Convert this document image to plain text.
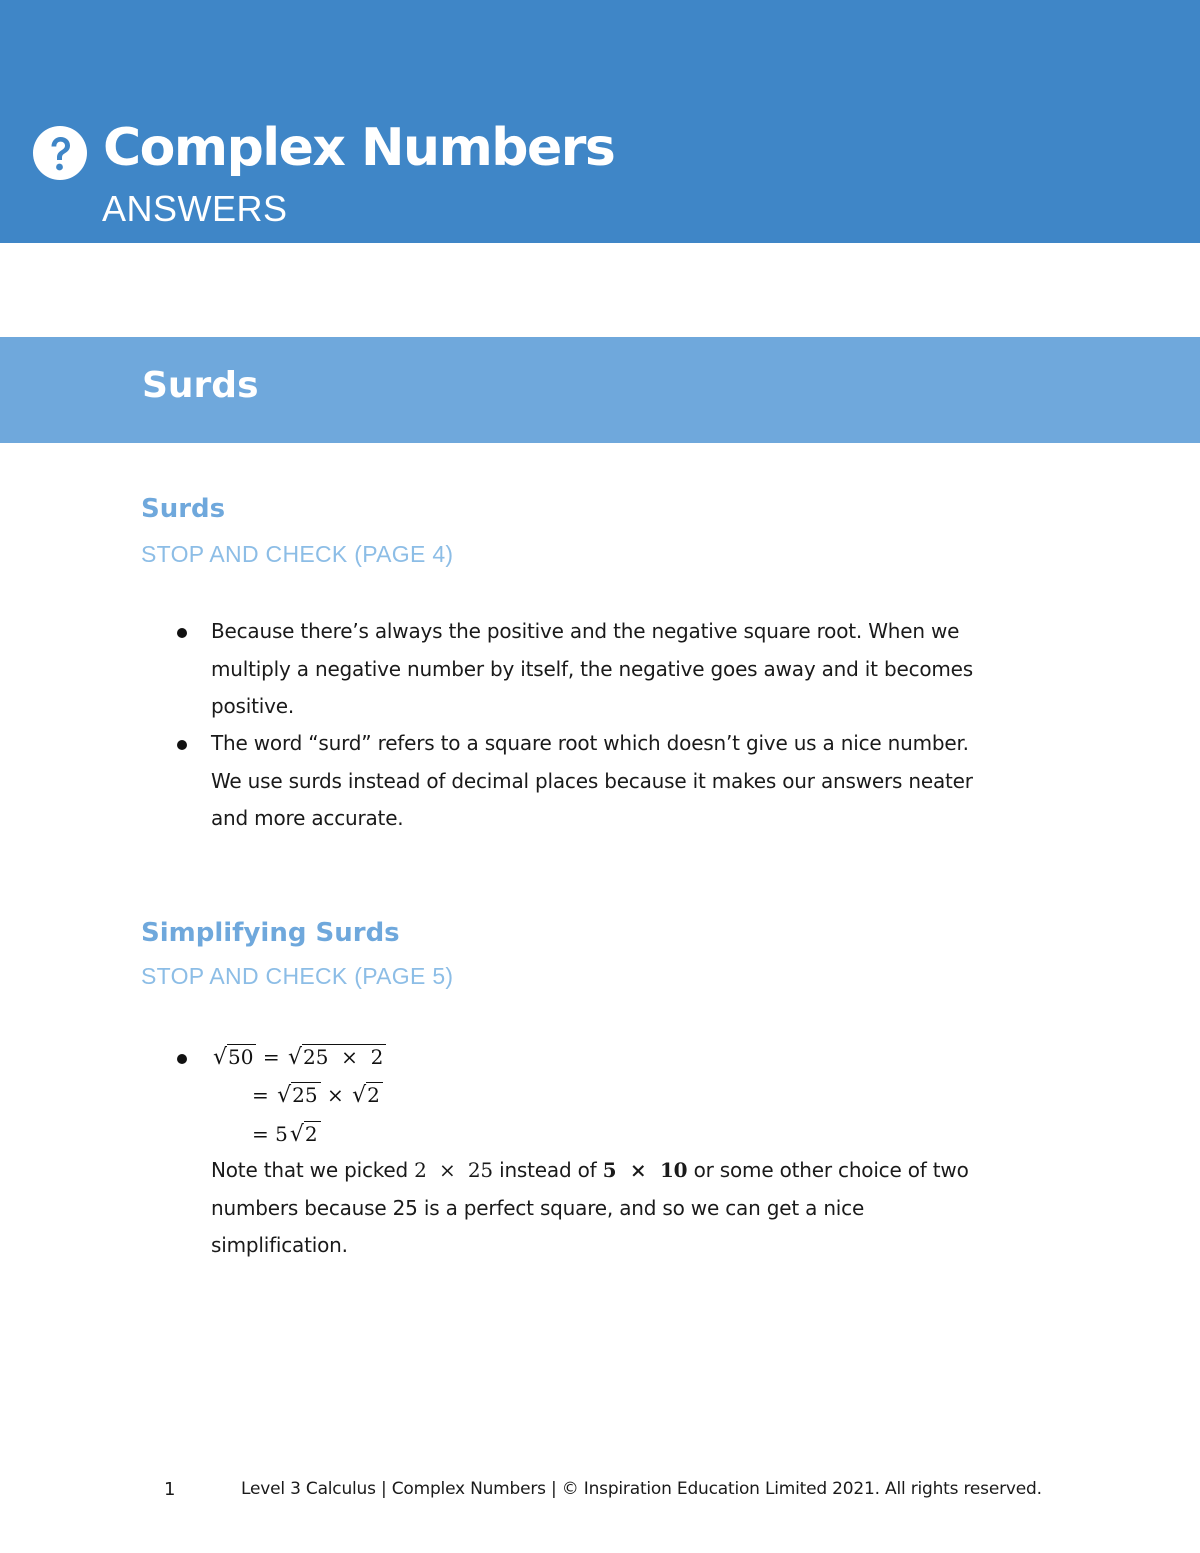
Complex Numbers
ANSWERS
Surds
Surds
STOP AND CHECK (PAGE 4)

Because there’s always the positive and the negative square root. When we

multiply a negative number by itself, the negative goes away and it becomes

positive.

The word “surd” refers to a square root which doesn’t give us a nice number.

We use surds instead of decimal places because it makes our answers neater

and more accurate.

Simplifying Surds
STOP AND CHECK (PAGE 5)
√50 = √25  ×  2
= √25 × √2
= 5√2

Note that we picked 2  ×  25 instead of 5  ×  10 or some other choice of two

numbers because 25 is a perfect square, and so we can get a nice

simplification.

1	Level 3 Calculus | Complex Numbers | © Inspiration Education Limited 2021. All rights reserved.
